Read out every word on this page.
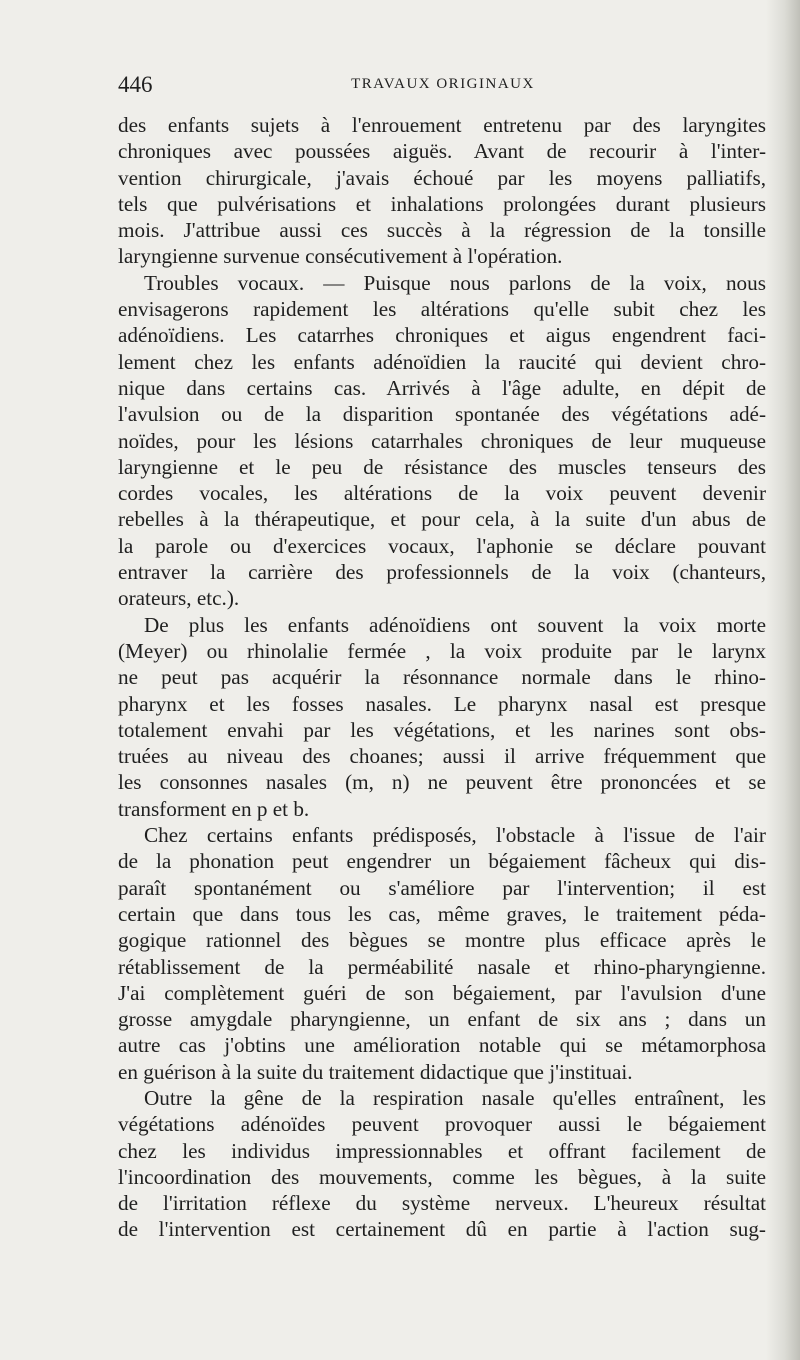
446	TRAVAUX ORIGINAUX
des enfants sujets à l'enrouement entretenu par des laryngites
chroniques avec poussées aiguës. Avant de recourir à l'inter-
vention chirurgicale, j'avais échoué par les moyens palliatifs,
tels que pulvérisations et inhalations prolongées durant plusieurs
mois. J'attribue aussi ces succès à la régression de la tonsille
laryngienne survenue consécutivement à l'opération.
Troubles vocaux. — Puisque nous parlons de la voix, nous
envisagerons rapidement les altérations qu'elle subit chez les
adénoïdiens. Les catarrhes chroniques et aigus engendrent faci-
lement chez les enfants adénoïdien la raucité qui devient chro-
nique dans certains cas. Arrivés à l'âge adulte, en dépit de
l'avulsion ou de la disparition spontanée des végétations adé-
noïdes, pour les lésions catarrhales chroniques de leur muqueuse
laryngienne et le peu de résistance des muscles tenseurs des
cordes vocales, les altérations de la voix peuvent devenir
rebelles à la thérapeutique, et pour cela, à la suite d'un abus de
la parole ou d'exercices vocaux, l'aphonie se déclare pouvant
entraver la carrière des professionnels de la voix (chanteurs,
orateurs, etc.).
De plus les enfants adénoïdiens ont souvent la voix morte
(Meyer) ou rhinolalie fermée , la voix produite par le larynx
ne peut pas acquérir la résonnance normale dans le rhino-
pharynx et les fosses nasales. Le pharynx nasal est presque
totalement envahi par les végétations, et les narines sont obs-
truées au niveau des choanes; aussi il arrive fréquemment que
les consonnes nasales (m, n) ne peuvent être prononcées et se
transforment en p et b.
Chez certains enfants prédisposés, l'obstacle à l'issue de l'air
de la phonation peut engendrer un bégaiement fâcheux qui dis-
paraît spontanément ou s'améliore par l'intervention; il est
certain que dans tous les cas, même graves, le traitement péda-
gogique rationnel des bègues se montre plus efficace après le
rétablissement de la perméabilité nasale et rhino-pharyngienne.
J'ai complètement guéri de son bégaiement, par l'avulsion d'une
grosse amygdale pharyngienne, un enfant de six ans ; dans un
autre cas j'obtins une amélioration notable qui se métamorphosa
en guérison à la suite du traitement didactique que j'instituai.
Outre la gêne de la respiration nasale qu'elles entraînent, les
végétations adénoïdes peuvent provoquer aussi le bégaiement
chez les individus impressionnables et offrant facilement de
l'incoordination des mouvements, comme les bègues, à la suite
de l'irritation réflexe du système nerveux. L'heureux résultat
de l'intervention est certainement dû en partie à l'action sug-
